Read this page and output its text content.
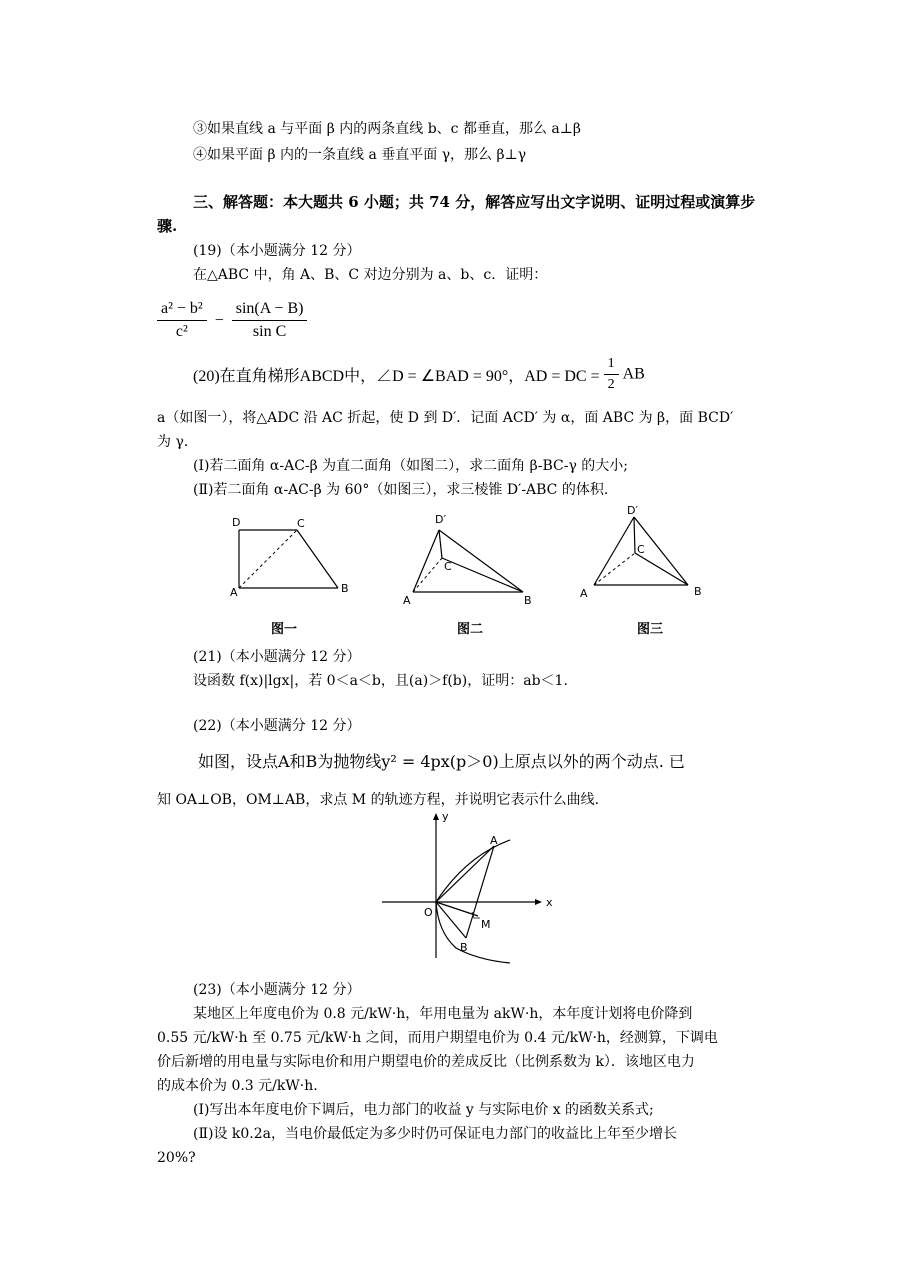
③如果直线 a 与平面 β 内的两条直线 b、c 都垂直，那么 a⊥β
④如果平面 β 内的一条直线 a 垂直平面 γ，那么 β⊥γ
三、解答题：本大题共 6 小题；共 74 分，解答应写出文字说明、证明过程或演算步
骤.
(19)（本小题满分 12 分）
在△ABC 中，角 A、B、C 对边分别为 a、b、c．证明：
$\frac{\text{a² − b²}}{\text{c²}} - \frac{\sin(A - B)}{\text{sin C}}$
(20)在直角梯形ABCD中，∠D = ∠BAD = 90°，AD = DC = $\frac{1}{2}$ AB
a（如图一），将△ADC 沿 AC 折起，使 D 到 D′．记面 ACD′ 为 α，面 ABC 为 β，面 BCD′
为 γ．
(Ⅰ)若二面角 α-AC-β 为直二面角（如图二），求二面角 β-BC-γ 的大小;
(Ⅱ)若二面角 α-AC-β 为 60°（如图三），求三棱锥 D′-ABC 的体积.
D	C
A	B
图一
D′
C
A	B
图二
D′
C
A	B
图三
(21)（本小题满分 12 分）
设函数 f(x)|lgx|，若 0＜a＜b，且(a)＞f(b)，证明：ab＜1.
(22)（本小题满分 12 分）
如图，设点A和B为抛物线y² = 4px(p＞0)上原点以外的两个动点. 已
知 OA⊥OB，OM⊥AB，求点 M 的轨迹方程，并说明它表示什么曲线.
y
x
O
A
B
M
(23)（本小题满分 12 分）
某地区上年度电价为 0.8 元/kW·h，年用电量为 akW·h，本年度计划将电价降到
0.55 元/kW·h 至 0.75 元/kW·h 之间，而用户期望电价为 0.4 元/kW·h，经测算，下调电
价后新增的用电量与实际电价和用户期望电价的差成反比（比例系数为 k）．该地区电力
的成本价为 0.3 元/kW·h.
(Ⅰ)写出本年度电价下调后，电力部门的收益 y 与实际电价 x 的函数关系式;
(Ⅱ)设 k0.2a，当电价最低定为多少时仍可保证电力部门的收益比上年至少增长
20%?
